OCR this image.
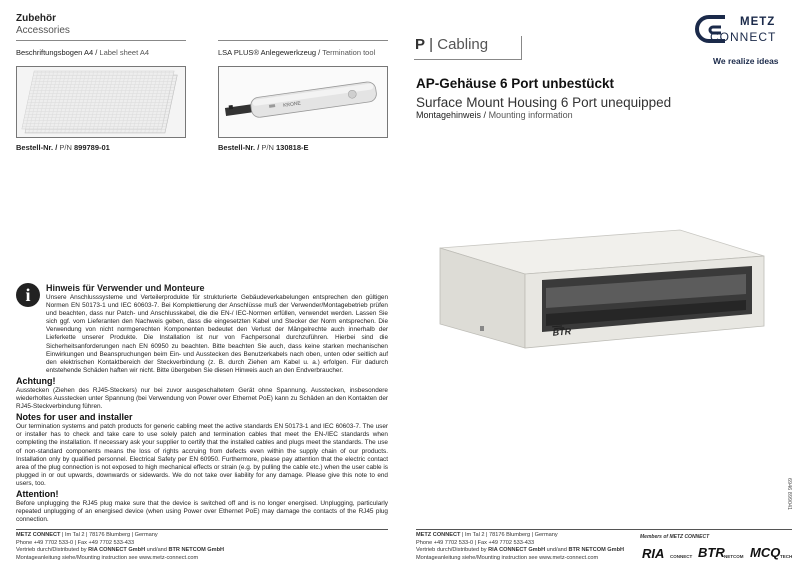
Zubehör
Accessories
Beschriftungsbogen A4 / Label sheet A4
Bestell-Nr. / P/N 899789-01
LSA PLUS® Anlegewerkzeug / Termination tool
KRONE
Bestell-Nr. / P/N 130818-E
i	Hinweis für Verwender und Monteure

Unsere Anschlusssysteme und Verteilerprodukte für strukturierte Gebäudeverkabelungen entsprechen den gültigen Normen EN 50173-1 und IEC 60603-7. Bei Komplettierung der Anschlüsse muß der Verwender/Montagebetrieb prüfen und beachten, dass nur Patch- und Anschlusskabel, die die EN-/ IEC-Normen erfüllen, verwendet werden. Lassen Sie sich ggf. vom Lieferanten den Nachweis geben, dass die eingesetzten Kabel und Stecker der Norm entsprechen. Die Verwendung von nicht normgerechten Komponenten bedeutet den Verlust der Mängelrechte auch innerhalb der Lieferkette unserer Produkte. Die Installation ist nur von Fachpersonal durchzuführen. Hierbei sind die Sicherheitsanforderungen nach EN 60950 zu beachten. Bitte beachten Sie auch, dass keine starken mechanischen Einwirkungen und Beanspruchungen beim Ein- und Ausstecken des Benutzerkabels nach oben, unten oder seitlich auf den elektrischen Kontaktbereich der Steckverbindung (z. B. durch Ziehen am Kabel u. a.) erfolgen. Für dadurch entstehende Schäden haften wir nicht. Bitte übergeben Sie diesen Hinweis auch an den Endverbraucher.

Achtung!

Ausstecken (Ziehen des RJ45-Steckers) nur bei zuvor ausgeschaltetem Gerät ohne Spannung. Ausstecken, insbesondere wiederholtes Ausstecken unter Spannung (bei Verwendung von Power over Ethernet PoE) kann zu Schäden an den Kontakten der RJ45-Steckverbindung führen.

Notes for user and installer

Our termination systems and patch products for generic cabling meet the active standards EN 50173-1 and IEC 60603-7. The user or installer has to check and take care to use solely patch and termination cables that meet the EN-/IEC standards when completing the installation. If necessary ask your supplier to certify that the installed cables and plugs meet the standards. The use of non-standard components means the loss of rights accruing from defects even within the supply chain of our products. Installation only by qualified personnel. Electrical Safety per EN 60950. Furthermore, please pay attention that the electric contact area of the plug connection is not exposed to high mechanical effects or strain (e.g. by pulling the cable etc.) when the user cable is plugged in or out upwards, downwards or sidewards. We do not take over liability for any damage. Please give this note to end users, too.

Attention!

Before unplugging the RJ45 plug make sure that the device is switched off and is no longer energised. Unplugging, particularly repeated unplugging of an energised device (when using Power over Ethernet PoE) may damage the contacts of the RJ45 plug connection.

METZ CONNECT | Im Tal 2 | 78176 Blumberg | Germany
Phone +49 7702 533-0 | Fax +49 7702 533-433
Vertrieb durch/Distributed by RIA CONNECT GmbH und/and BTR NETCOM GmbH
Montageanleitung siehe/Mounting instruction see www.metz-connect.com
P | Cabling
METZ
CONNECT
We realize ideas
AP-Gehäuse 6 Port unbestückt
Surface Mount Housing 6 Port unequipped
Montagehinweis / Mounting information
BTR
METZ CONNECT | Im Tal 2 | 78176 Blumberg | Germany
Phone +49 7702 533-0 | Fax +49 7702 533-433
Vertrieb durch/Distributed by RIA CONNECT GmbH und/and BTR NETCOM GmbH
Montageanleitung siehe/Mounting instruction see www.metz-connect.com
Members of METZ CONNECT
RIA CONNECT BTR NETCOM MCQ TECH
6946 899041
